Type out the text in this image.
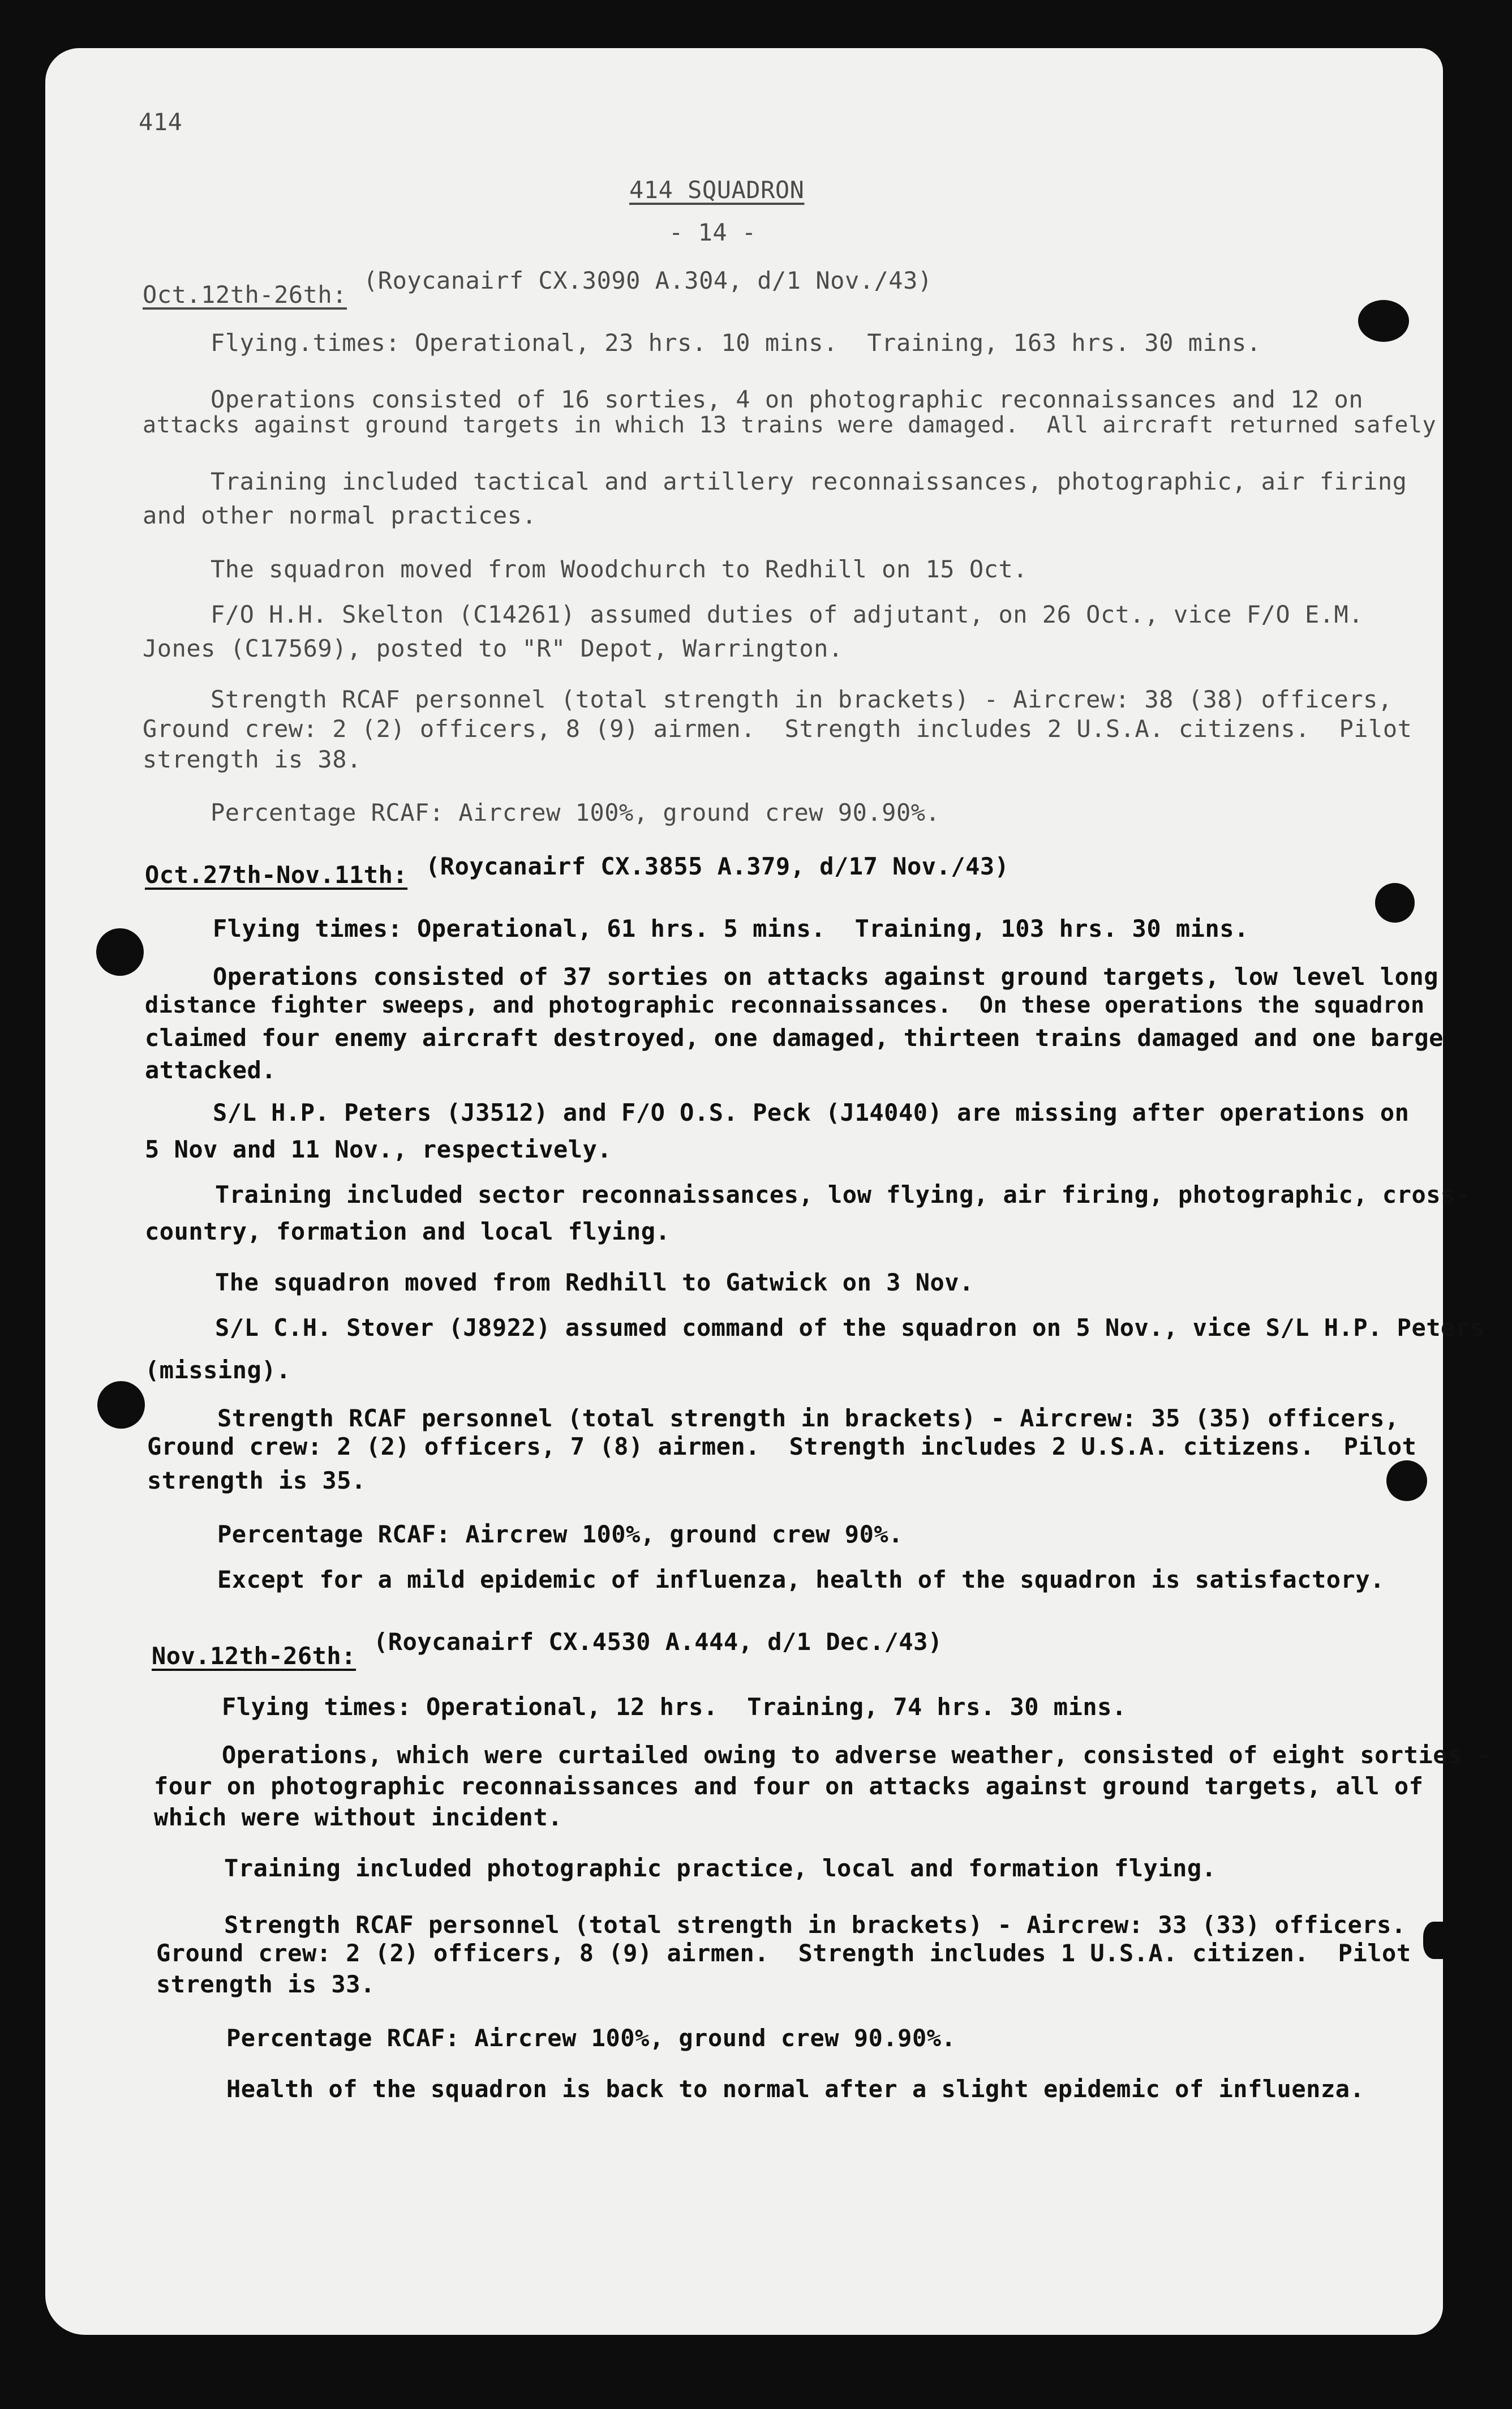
414
414 SQUADRON
- 14 -
Oct.12th-26th:
(Roycanairf CX.3090 A.304, d/1 Nov./43)
Flying.times: Operational, 23 hrs. 10 mins.  Training, 163 hrs. 30 mins.
Operations consisted of 16 sorties, 4 on photographic reconnaissances and 12 on
attacks against ground targets in which 13 trains were damaged.  All aircraft returned safely
Training included tactical and artillery reconnaissances, photographic, air firing
and other normal practices.
The squadron moved from Woodchurch to Redhill on 15 Oct.
F/O H.H. Skelton (C14261) assumed duties of adjutant, on 26 Oct., vice F/O E.M.
Jones (C17569), posted to "R" Depot, Warrington.
Strength RCAF personnel (total strength in brackets) - Aircrew: 38 (38) officers,
Ground crew: 2 (2) officers, 8 (9) airmen.  Strength includes 2 U.S.A. citizens.  Pilot
strength is 38.
Percentage RCAF: Aircrew 100%, ground crew 90.90%.
Oct.27th-Nov.11th: (Roycanairf CX.3855 A.379, d/17 Nov./43)
Flying times: Operational, 61 hrs. 5 mins.  Training, 103 hrs. 30 mins.
Operations consisted of 37 sorties on attacks against ground targets, low level long
distance fighter sweeps, and photographic reconnaissances.  On these operations the squadron
claimed four enemy aircraft destroyed, one damaged, thirteen trains damaged and one barge
attacked.
S/L H.P. Peters (J3512) and F/O O.S. Peck (J14040) are missing after operations on
5 Nov and 11 Nov., respectively.
Training included sector reconnaissances, low flying, air firing, photographic, cross-
country, formation and local flying.
The squadron moved from Redhill to Gatwick on 3 Nov.
S/L C.H. Stover (J8922) assumed command of the squadron on 5 Nov., vice S/L H.P. Peters
(missing).
Strength RCAF personnel (total strength in brackets) - Aircrew: 35 (35) officers,
Ground crew: 2 (2) officers, 7 (8) airmen.  Strength includes 2 U.S.A. citizens.  Pilot
strength is 35.
Percentage RCAF: Aircrew 100%, ground crew 90%.
Except for a mild epidemic of influenza, health of the squadron is satisfactory.
Nov.12th-26th:
(Roycanairf CX.4530 A.444, d/1 Dec./43)
Flying times: Operational, 12 hrs.  Training, 74 hrs. 30 mins.
Operations, which were curtailed owing to adverse weather, consisted of eight sorties -
four on photographic reconnaissances and four on attacks against ground targets, all of
which were without incident.
Training included photographic practice, local and formation flying.
Strength RCAF personnel (total strength in brackets) - Aircrew: 33 (33) officers.
Ground crew: 2 (2) officers, 8 (9) airmen.  Strength includes 1 U.S.A. citizen.  Pilot
strength is 33.
Percentage RCAF: Aircrew 100%, ground crew 90.90%.
Health of the squadron is back to normal after a slight epidemic of influenza.
